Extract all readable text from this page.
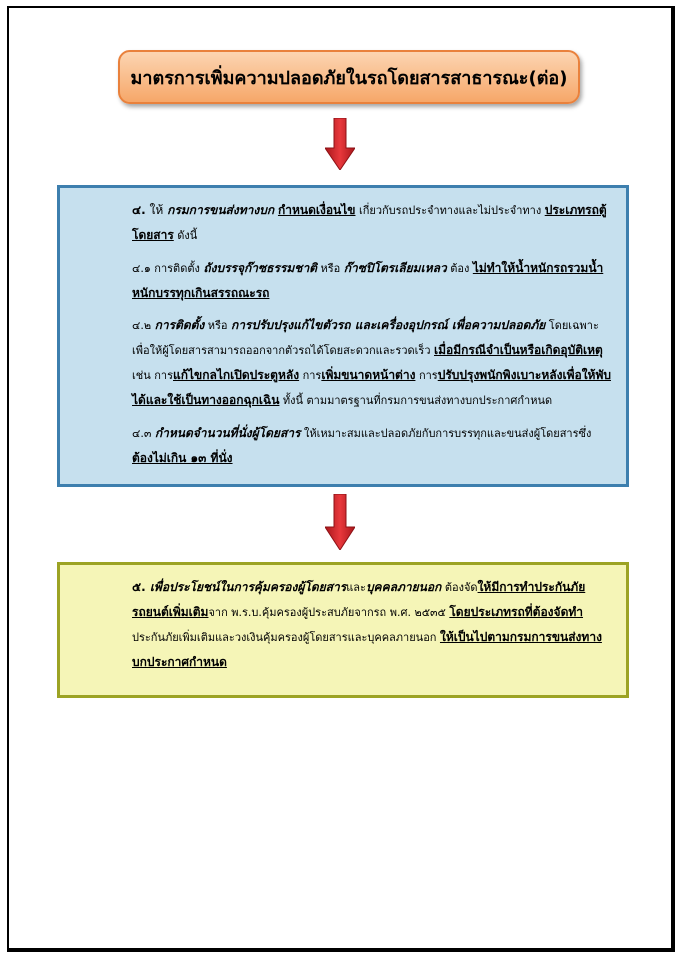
มาตรการเพิ่มความปลอดภัยในรถโดยสารสาธารณะ(ต่อ)

๔. ให้ กรมการขนส่งทางบก กำหนดเงื่อนไข เกี่ยวกับรถประจำทางและไม่ประจำทาง ประเภทรถตู้โดยสาร ดังนี้

๔.๑ การติดตั้ง ถังบรรจุก๊าซธรรมชาติ หรือ ก๊าซปิโตรเลียมเหลว ต้อง ไม่ทำให้น้ำหนักรถรวมน้ำหนักบรรทุกเกินสรรถณะรถ

๔.๒ การติดตั้ง หรือ การปรับปรุงแก้ไขตัวรถ และเครื่องอุปกรณ์ เพื่อความปลอดภัย โดยเฉพาะเพื่อให้ผู้โดยสารสามารถออกจากตัวรถได้โดยสะดวกและรวดเร็ว เมื่อมีกรณีจำเป็นหรือเกิดอุบัติเหตุ เช่น การแก้ไขกลไกเปิดประตูหลัง การเพิ่มขนาดหน้าต่าง การปรับปรุงพนักพิงเบาะหลังเพื่อให้พับได้และใช้เป็นทางออกฉุกเฉิน ทั้งนี้ ตามมาตรฐานที่กรมการขนส่งทางบกประกาศกำหนด

๔.๓ กำหนดจำนวนที่นั่งผู้โดยสาร ให้เหมาะสมและปลอดภัยกับการบรรทุกและขนส่งผู้โดยสารซึ่ง ต้องไม่เกิน ๑๓ ที่นั่ง

๕. เพื่อประโยชน์ในการคุ้มครองผู้โดยสารและบุคคลภายนอก ต้องจัดให้มีการทำประกันภัยรถยนต์เพิ่มเติมจาก พ.ร.บ.คุ้มครองผู้ประสบภัยจากรถ พ.ศ. ๒๕๓๕ โดยประเภทรถที่ต้องจัดทำประกันภัยเพิ่มเติมและวงเงินคุ้มครองผู้โดยสารและบุคคลภายนอก ให้เป็นไปตามกรมการขนส่งทางบกประกาศกำหนด
